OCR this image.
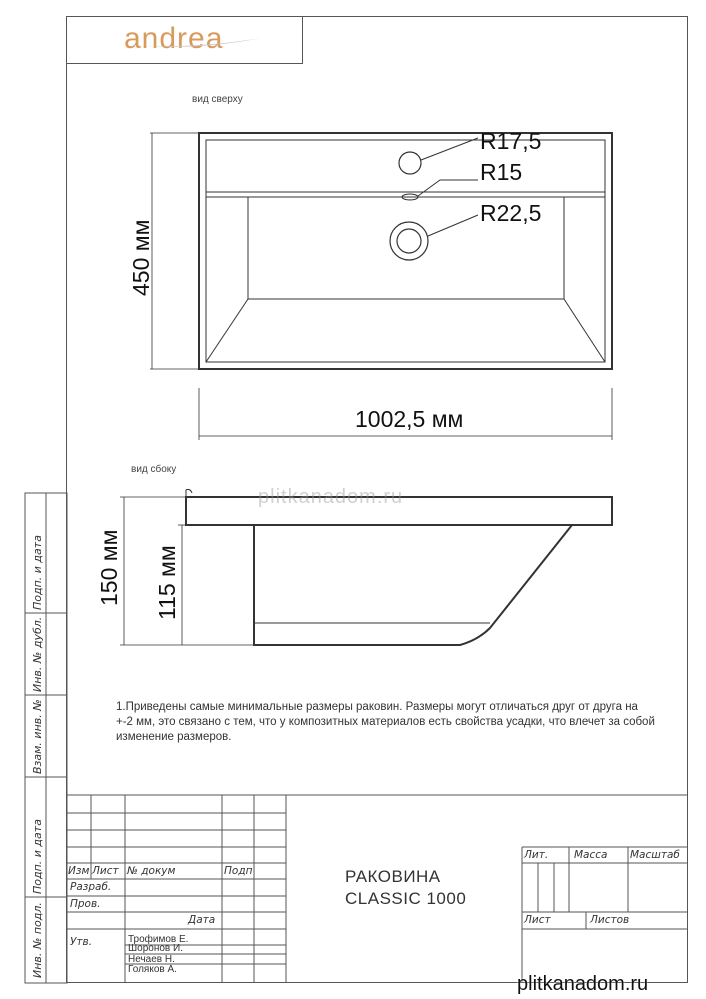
andrea
вид сверху
вид сбоку
R17,5
R15
R22,5
450 мм
1002,5 мм
150 мм 115 мм
1.Приведены самые минимальные размеры раковин. Размеры могут отличаться друг от друга на +-2 мм, это связано с тем, что у композитных материалов есть свойства усадки, что влечет за собой изменение размеров.
Подп. и дата
Инв. № дубл.
Взам. инв. №
Подп. и дата
Инв. № подл.
Изм Лист № докум	Подп
Разраб.
Пров.
Утв.
Дата
Трофимов Е.
Шоронов И.
Нечаев Н.
Голяков А.
РАКОВИНА
CLASSIC 1000
Лит. Масса Масштаб
Лист	Листов
plitkanadom.ru
plitkanadom.ru
